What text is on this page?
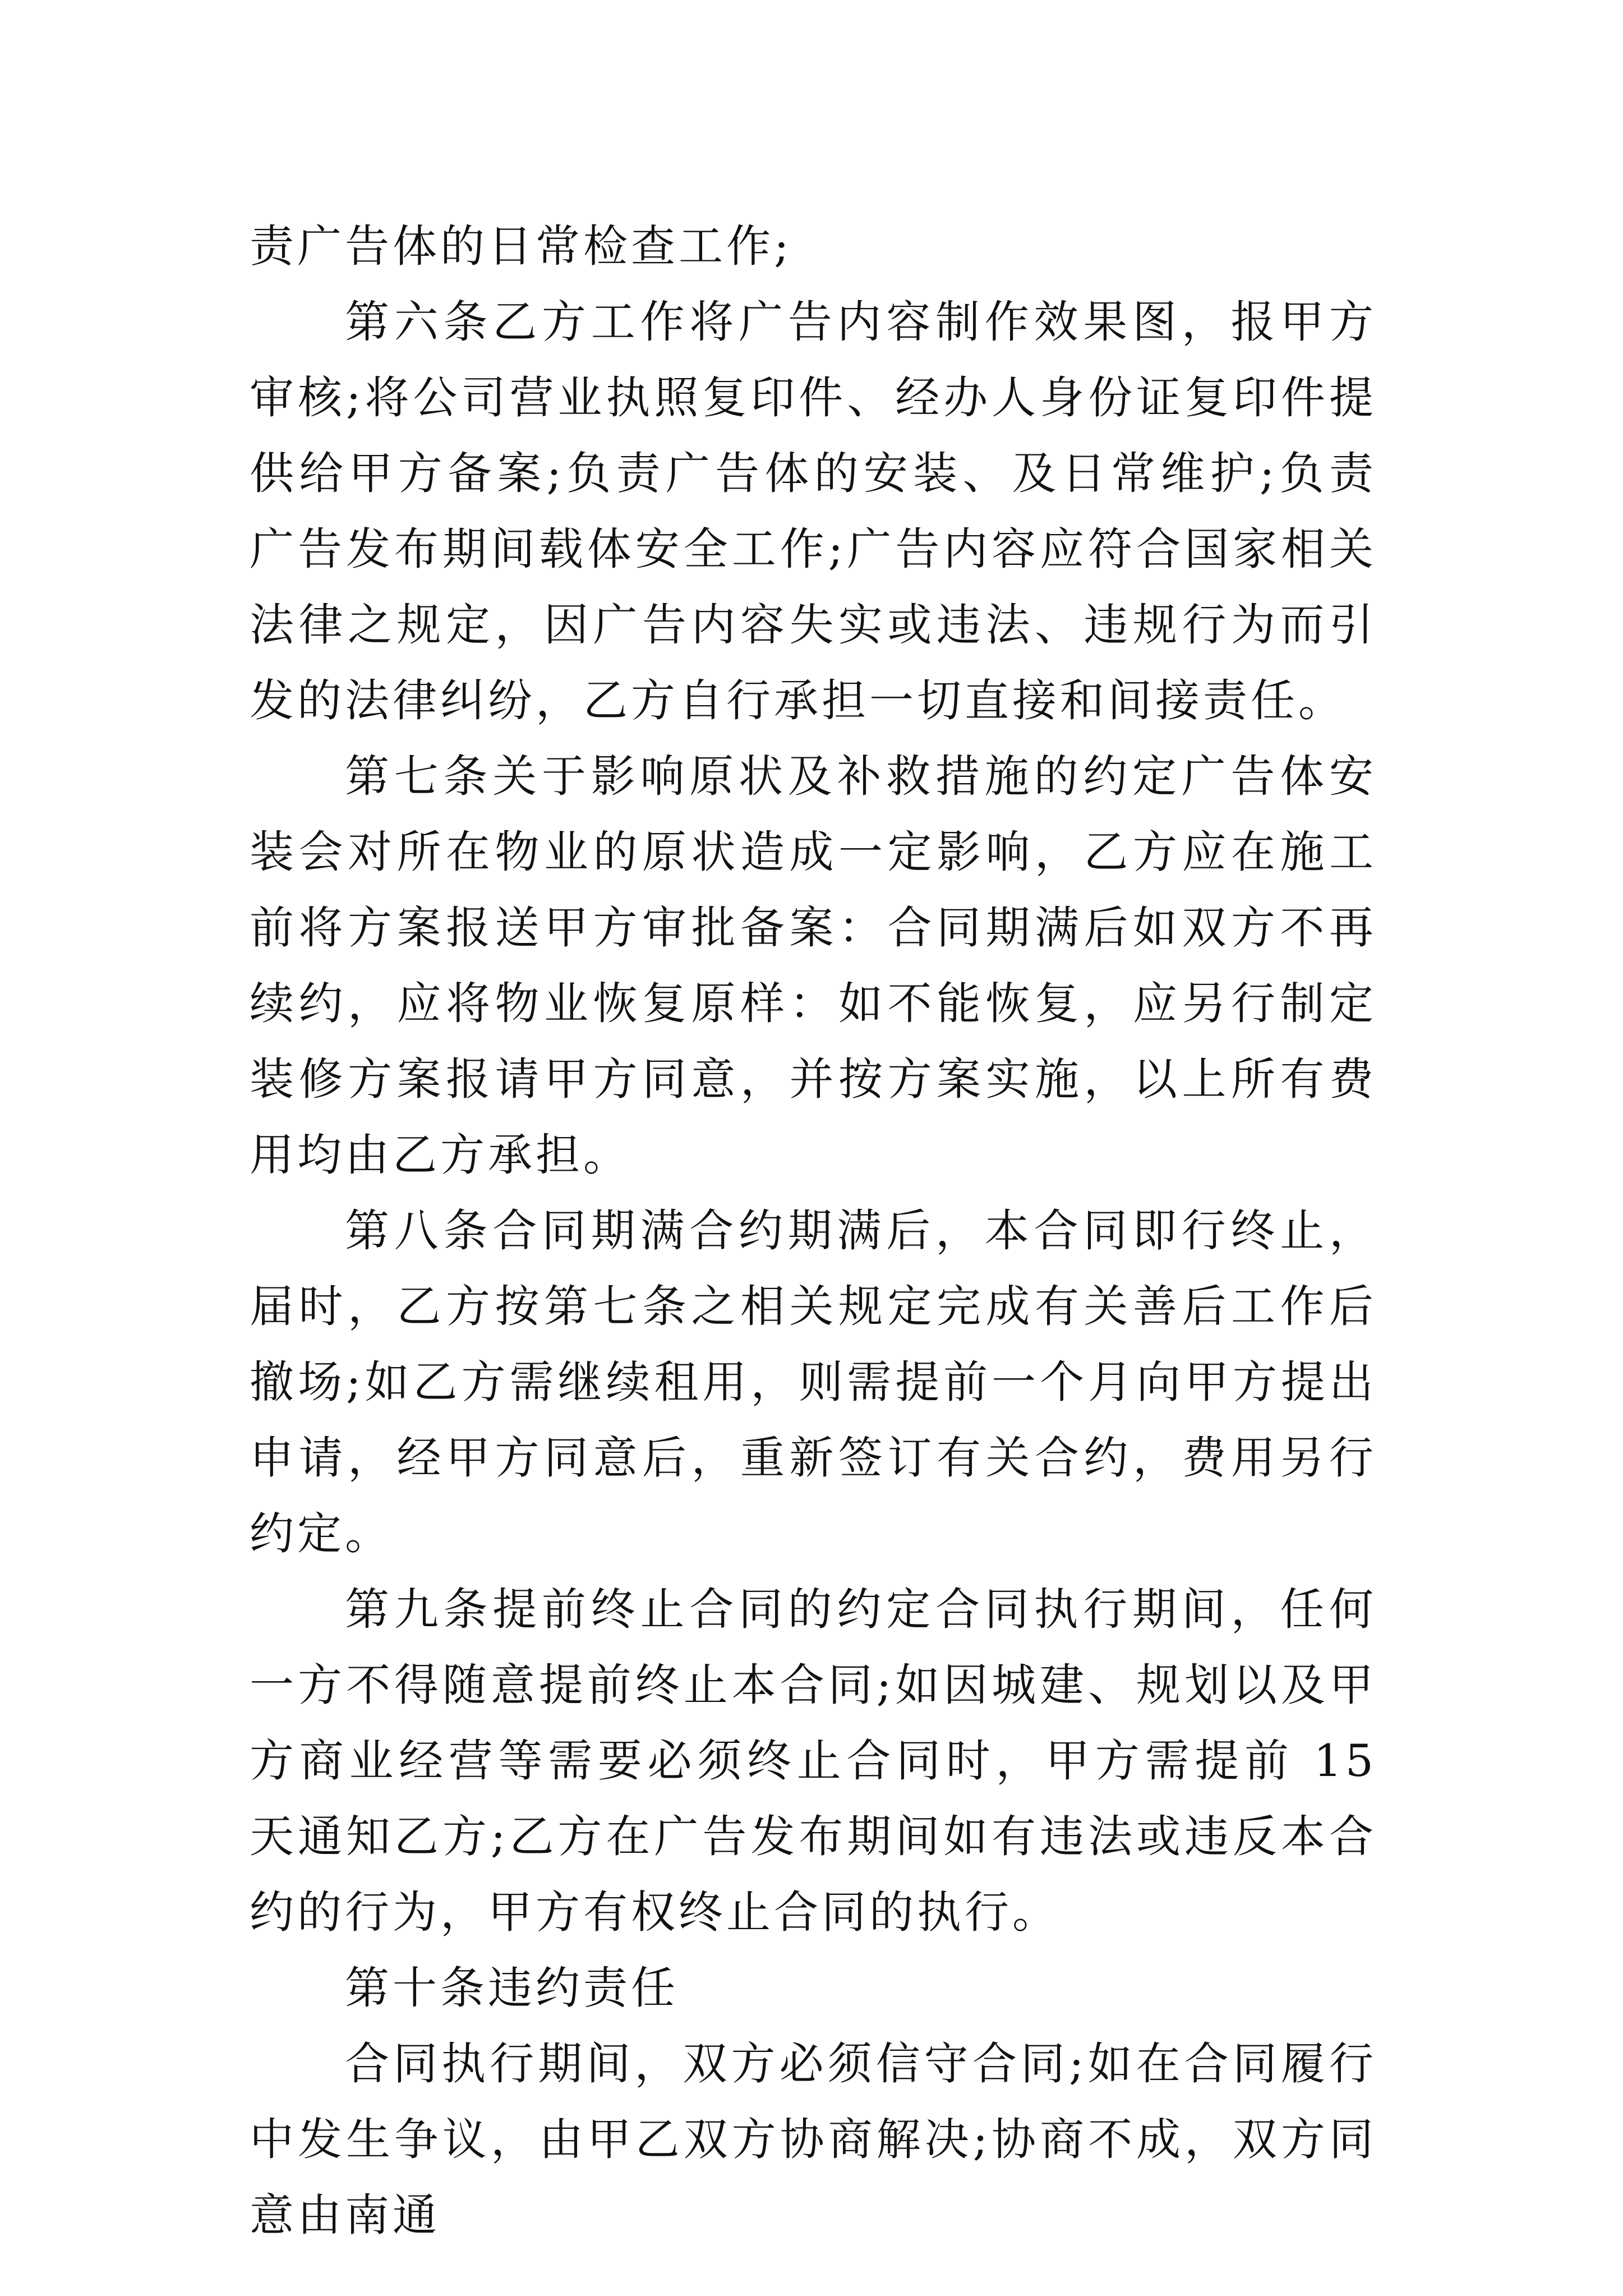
责广告体的日常检查工作;

第六条乙方工作将广告内容制作效果图，报甲方审核;将公司营业执照复印件、经办人身份证复印件提供给甲方备案;负责广告体的安装、及日常维护;负责广告发布期间载体安全工作;广告内容应符合国家相关法律之规定，因广告内容失实或违法、违规行为而引发的法律纠纷，乙方自行承担一切直接和间接责任。

第七条关于影响原状及补救措施的约定广告体安装会对所在物业的原状造成一定影响，乙方应在施工前将方案报送甲方审批备案：合同期满后如双方不再续约，应将物业恢复原样：如不能恢复，应另行制定装修方案报请甲方同意，并按方案实施，以上所有费用均由乙方承担。

第八条合同期满合约期满后，本合同即行终止，届时，乙方按第七条之相关规定完成有关善后工作后撤场;如乙方需继续租用，则需提前一个月向甲方提出申请，经甲方同意后，重新签订有关合约，费用另行约定。

第九条提前终止合同的约定合同执行期间，任何一方不得随意提前终止本合同;如因城建、规划以及甲方商业经营等需要必须终止合同时，甲方需提前 15 天通知乙方;乙方在广告发布期间如有违法或违反本合约的行为，甲方有权终止合同的执行。

第十条违约责任

合同执行期间，双方必须信守合同;如在合同履行中发生争议，由甲乙双方协商解决;协商不成，双方同意由南通
